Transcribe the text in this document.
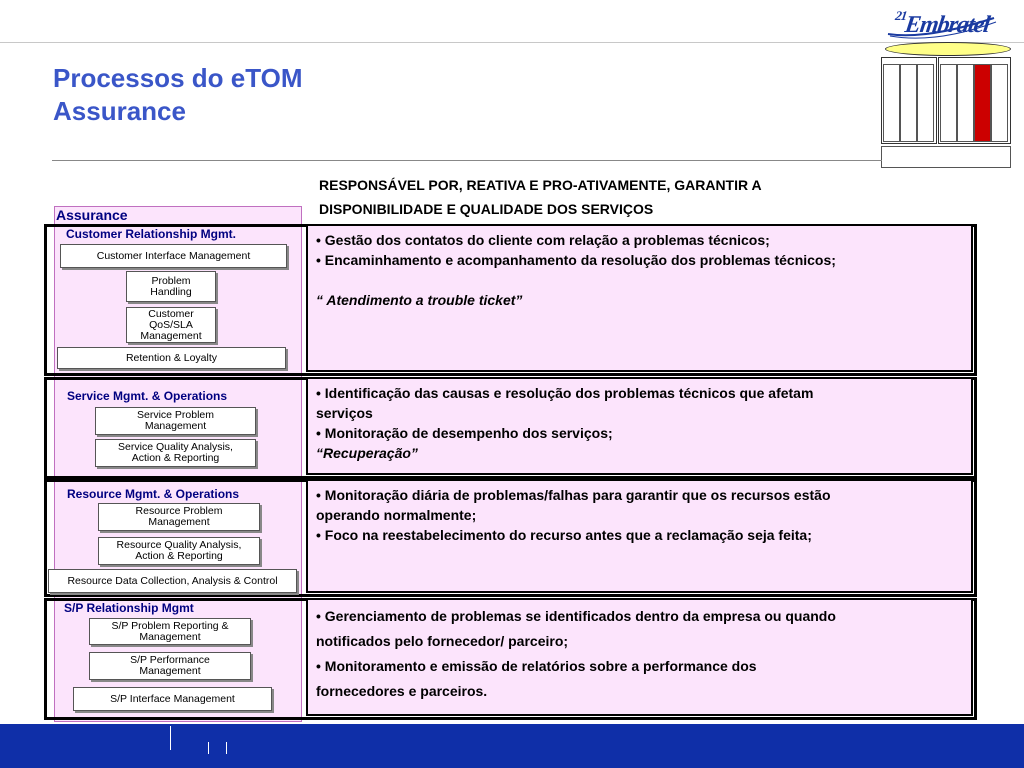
$^{21}$Embratel
Processos do eTOM
Assurance
RESPONSÁVEL POR, REATIVA E PRO-ATIVAMENTE, GARANTIR A
DISPONIBILIDADE E QUALIDADE DOS SERVIÇOS
Assurance
Customer Relationship Mgmt.
Customer Interface Management
Problem Handling
Customer QoS/SLA Management
Retention & Loyalty
• Gestão dos contatos do cliente com relação a problemas técnicos;
• Encaminhamento e acompanhamento da resolução dos problemas técnicos;
“ Atendimento a trouble ticket”
Service Mgmt. & Operations
Service Problem Management
Service Quality Analysis, Action & Reporting
• Identificação das causas e resolução dos problemas técnicos que afetam
serviços
• Monitoração de desempenho dos serviços;
“Recuperação”
Resource Mgmt. & Operations
Resource Problem Management
Resource Quality Analysis, Action & Reporting
Resource Data Collection, Analysis & Control
• Monitoração diária de problemas/falhas para garantir que os recursos estão
operando normalmente;
• Foco na reestabelecimento do recurso antes que a reclamação seja feita;
S/P Relationship Mgmt
S/P Problem Reporting & Management
S/P Performance Management
S/P Interface Management
• Gerenciamento de problemas se identificados dentro da empresa ou quando
notificados pelo fornecedor/ parceiro;
• Monitoramento e emissão de relatórios sobre a performance dos
fornecedores e parceiros.
